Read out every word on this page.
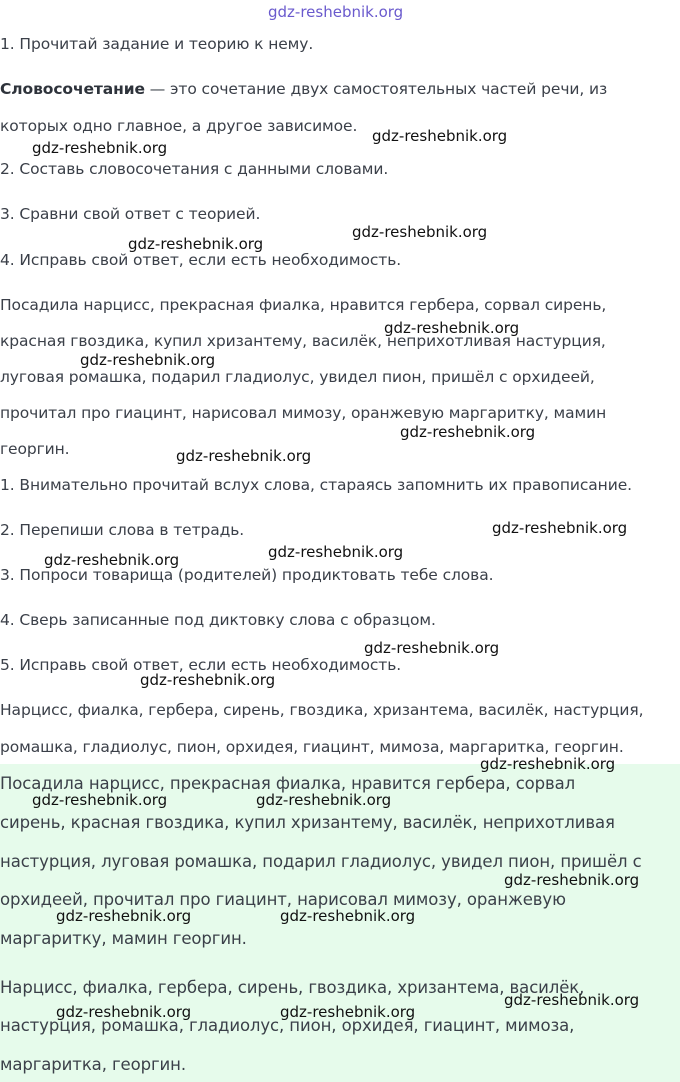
gdz-reshebnik.org
1. Прочитай задание и теорию к нему.
Словосочетание — это сочетание двух самостоятельных частей речи, из
которых одно главное, а другое зависимое.
2. Составь словосочетания с данными словами.
3. Сравни свой ответ с теорией.
4. Исправь свой ответ, если есть необходимость.
Посадила нарцисс, прекрасная фиалка, нравится гербера, сорвал сирень,
красная гвоздика, купил хризантему, василёк, неприхотливая настурция,
луговая ромашка, подарил гладиолус, увидел пион, пришёл с орхидеей,
прочитал про гиацинт, нарисовал мимозу, оранжевую маргаритку, мамин
георгин.
1. Внимательно прочитай вслух слова, стараясь запомнить их правописание.
2. Перепиши слова в тетрадь.
3. Попроси товарища (родителей) продиктовать тебе слова.
4. Сверь записанные под диктовку слова с образцом.
5. Исправь свой ответ, если есть необходимость.
Нарцисс, фиалка, гербера, сирень, гвоздика, хризантема, василёк, настурция,
ромашка, гладиолус, пион, орхидея, гиацинт, мимоза, маргаритка, георгин.
Посадила нарцисс, прекрасная фиалка, нравится гербера, сорвал
сирень, красная гвоздика, купил хризантему, василёк, неприхотливая
настурция, луговая ромашка, подарил гладиолус, увидел пион, пришёл с
орхидеей, прочитал про гиацинт, нарисовал мимозу, оранжевую
маргаритку, мамин георгин.
Нарцисс, фиалка, гербера, сирень, гвоздика, хризантема, василёк,
настурция, ромашка, гладиолус, пион, орхидея, гиацинт, мимоза,
маргаритка, георгин.
gdz-reshebnik.org
gdz-reshebnik.org
gdz-reshebnik.org
gdz-reshebnik.org
gdz-reshebnik.org
gdz-reshebnik.org
gdz-reshebnik.org
gdz-reshebnik.org
gdz-reshebnik.org
gdz-reshebnik.org
gdz-reshebnik.org
gdz-reshebnik.org
gdz-reshebnik.org
gdz-reshebnik.org
gdz-reshebnik.org	gdz-reshebnik.org
gdz-reshebnik.org
gdz-reshebnik.org	gdz-reshebnik.org
gdz-reshebnik.org
gdz-reshebnik.org	gdz-reshebnik.org
